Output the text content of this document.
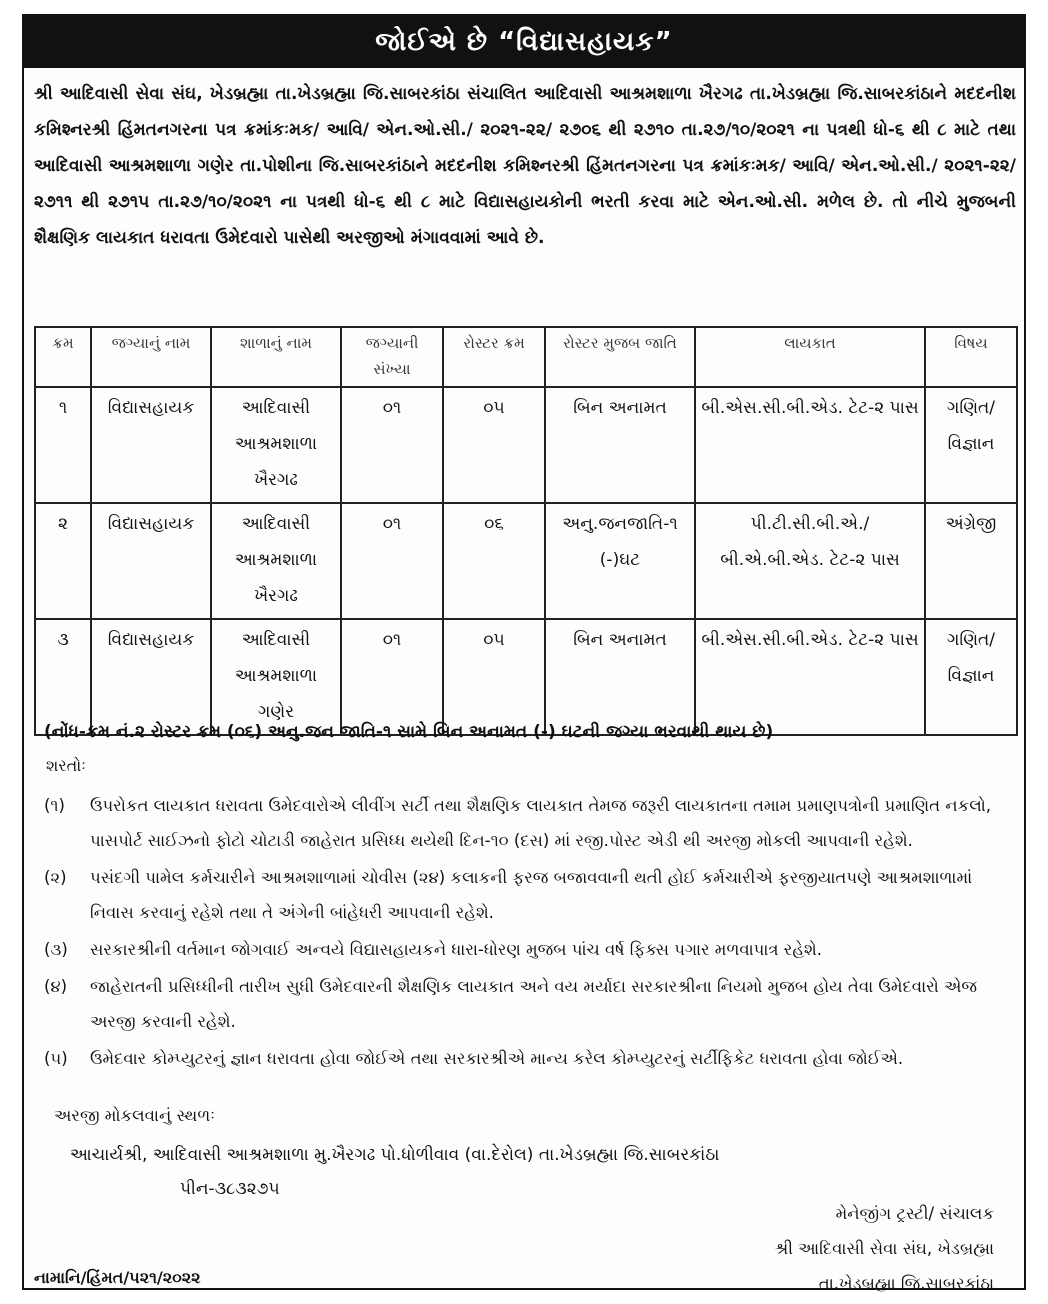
જોઈએ છે “વિદ્યાસહાયક”
શ્રી આદિવાસી સેવા સંઘ, ખેડબ્રહ્મા તા.ખેડબ્રહ્મા જિ.સાબરકાંઠા સંચાલિત આદિવાસી આશ્રમશાળા ખૈરગઢ તા.ખેડબ્રહ્મા જિ.સાબરકાંઠાને મદદનીશ કમિશ્નરશ્રી હિંમતનગરના પત્ર ક્રમાંકઃમક/ આવિ/ એન.ઓ.સી./ ૨૦૨૧-૨૨/ ૨૭૦૬ થી ૨૭૧૦ તા.૨૭/૧૦/૨૦૨૧ ના પત્રથી ધો-૬ થી ૮ માટે તથા આદિવાસી આશ્રમશાળા ગણેર તા.પોશીના જિ.સાબરકાંઠાને મદદનીશ કમિશ્નરશ્રી હિંમતનગરના પત્ર ક્રમાંકઃમક/ આવિ/ એન.ઓ.સી./ ૨૦૨૧-૨૨/ ૨૭૧૧ થી ૨૭૧૫ તા.૨૭/૧૦/૨૦૨૧ ના પત્રથી ધો-૬ થી ૮ માટે વિદ્યાસહાયકોની ભરતી કરવા માટે એન.ઓ.સી. મળેલ છે. તો નીચે મુજબની શૈક્ષણિક લાયકાત ધરાવતા ઉમેદવારો પાસેથી અરજીઓ મંગાવવામાં આવે છે.
ક્રમ	જગ્યાનું નામ	શાળાનું નામ	જગ્યાની સંખ્યા	રોસ્ટર ક્રમ	રોસ્ટર મુજબ જાતિ	લાયકાત	વિષય
૧	વિદ્યાસહાયક	આદિવાસી આશ્રમશાળા ખૈરગઢ	૦૧	૦૫	બિન અનામત	બી.એસ.સી.બી.એડ. ટેટ-૨ પાસ	ગણિત/ વિજ્ઞાન
૨	વિદ્યાસહાયક	આદિવાસી આશ્રમશાળા ખૈરગઢ	૦૧	૦૬	અનુ.જનજાતિ-૧ (-)ઘટ	પી.ટી.સી.બી.એ./ બી.એ.બી.એડ. ટેટ-૨ પાસ	અંગ્રેજી
૩	વિદ્યાસહાયક	આદિવાસી આશ્રમશાળા ગણેર	૦૧	૦૫	બિન અનામત	બી.એસ.સી.બી.એડ. ટેટ-૨ પાસ	ગણિત/ વિજ્ઞાન
(નોંધ-ક્રમ નં.૨ રોસ્ટર ક્રમ (૦૬) અનુ.જન જાતિ-૧ સામે બિન અનામત (-) ઘટની જગ્યા ભરવાથી થાય છે)
શરતોઃ
(૧)	ઉપરોકત લાયકાત ધરાવતા ઉમેદવારોએ લીવીંગ સર્ટી તથા શૈક્ષણિક લાયકાત તેમજ જરૂરી લાયકાતના તમામ પ્રમાણપત્રોની પ્રમાણિત નકલો, પાસપોર્ટ સાઈઝનો ફોટો ચોટાડી જાહેરાત પ્રસિધ્ધ થયેથી દિન-૧૦ (દસ) માં રજી.પોસ્ટ એડી થી અરજી મોકલી આપવાની રહેશે.
(૨)	પસંદગી પામેલ કર્મચારીને આશ્રમશાળામાં ચોવીસ (૨૪) કલાકની ફરજ બજાવવાની થતી હોઈ કર્મચારીએ ફરજીયાતપણે આશ્રમશાળામાં નિવાસ કરવાનું રહેશે તથા તે અંગેની બાંહેધરી આપવાની રહેશે.
(૩)	સરકારશ્રીની વર્તમાન જોગવાઈ અન્વયે વિદ્યાસહાયકને ધારા-ધોરણ મુજબ પાંચ વર્ષ ફિક્સ પગાર મળવાપાત્ર રહેશે.
(૪)	જાહેરાતની પ્રસિધ્ધીની તારીખ સુધી ઉમેદવારની શૈક્ષણિક લાયકાત અને વય મર્યાદા સરકારશ્રીના નિયમો મુજબ હોય તેવા ઉમેદવારો એજ અરજી કરવાની રહેશે.
(૫)	ઉમેદવાર કોમ્પ્યુટરનું જ્ઞાન ધરાવતા હોવા જોઈએ તથા સરકારશ્રીએ માન્ય કરેલ કોમ્પ્યુટરનું સર્ટીફિકેટ ધરાવતા હોવા જોઈએ.
અરજી મોકલવાનું સ્થળઃ
આચાર્યશ્રી, આદિવાસી આશ્રમશાળા મુ.ખૈરગઢ પો.ધોળીવાવ (વા.દેરોલ) તા.ખેડબ્રહ્મા જિ.સાબરકાંઠા
પીન-૩૮૩૨૭૫
મેનેજીંગ ટ્રસ્ટી/ સંચાલક
શ્રી આદિવાસી સેવા સંઘ, ખેડબ્રહ્મા
તા.ખેડબ્રહ્મા જિ.સાબરકાંઠા
નામાનિ/હિંમત/૫૨૧/૨૦૨૨
